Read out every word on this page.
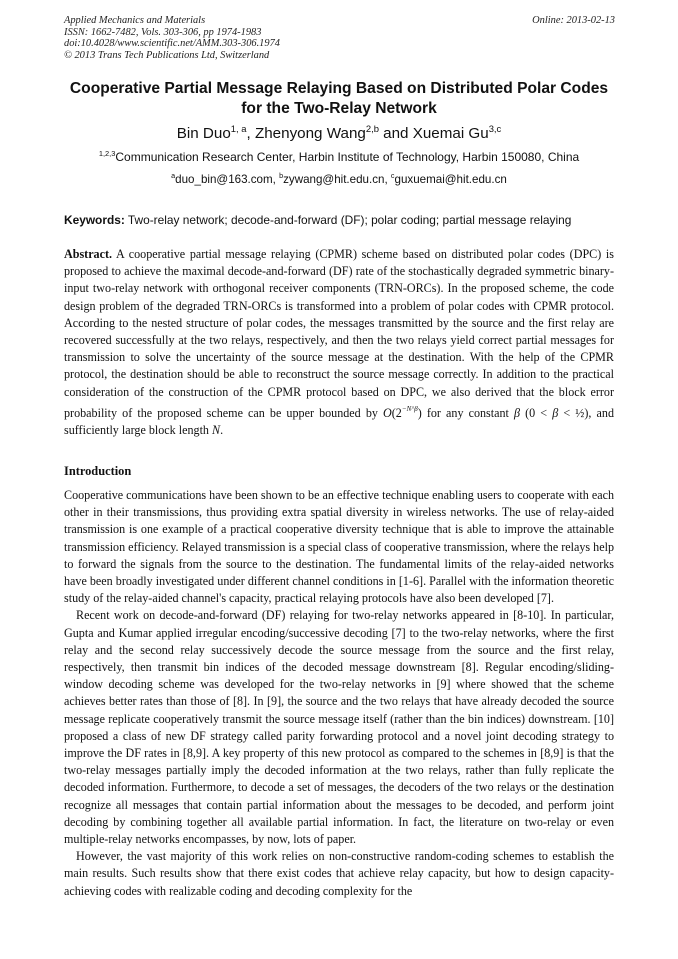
Applied Mechanics and Materials
ISSN: 1662-7482, Vols. 303-306, pp 1974-1983
doi:10.4028/www.scientific.net/AMM.303-306.1974
© 2013 Trans Tech Publications Ltd, Switzerland
Online: 2013-02-13
Cooperative Partial Message Relaying Based on Distributed Polar Codes
for the Two-Relay Network
Bin Duo$^{1, a}$, Zhenyong Wang$^{2,b}$ and Xuemai Gu$^{3,c}$
$^{1,2,3}$Communication Research Center, Harbin Institute of Technology, Harbin 150080, China
$^a$duo_bin@163.com, $^b$zywang@hit.edu.cn, $^c$guxuemai@hit.edu.cn
Keywords: Two-relay network; decode-and-forward (DF); polar coding; partial message relaying
Abstract. A cooperative partial message relaying (CPMR) scheme based on distributed polar codes (DPC) is proposed to achieve the maximal decode-and-forward (DF) rate of the stochastically degraded symmetric binary-input two-relay network with orthogonal receiver components (TRN-ORCs). In the proposed scheme, the code design problem of the degraded TRN-ORCs is transformed into a problem of polar codes with CPMR protocol. According to the nested structure of polar codes, the messages transmitted by the source and the first relay are recovered successfully at the two relays, respectively, and then the two relays yield correct partial messages for transmission to solve the uncertainty of the source message at the destination. With the help of the CPMR protocol, the destination should be able to reconstruct the source message correctly. In addition to the practical consideration of the construction of the CPMR protocol based on DPC, we also derived that the block error probability of the proposed scheme can be upper bounded by $O(2^{-N\^{}\beta})$ for any constant β (0 < β < ½), and sufficiently large block length N.
Introduction

Cooperative communications have been shown to be an effective technique enabling users to cooperate with each other in their transmissions, thus providing extra spatial diversity in wireless networks. The use of relay-aided transmission is one example of a practical cooperative diversity technique that is able to improve the attainable transmission efficiency. Relayed transmission is a special class of cooperative transmission, where the relays help to forward the signals from the source to the destination. The fundamental limits of the relay-aided networks have been broadly investigated under different channel conditions in [1-6]. Parallel with the information theoretic study of the relay-aided channel's capacity, practical relaying protocols have also been developed [7].

Recent work on decode-and-forward (DF) relaying for two-relay networks appeared in [8-10]. In particular, Gupta and Kumar applied irregular encoding/successive decoding [7] to the two-relay networks, where the first relay and the second relay successively decode the source message from the source and the first relay, respectively, then transmit bin indices of the decoded message downstream [8]. Regular encoding/sliding-window decoding scheme was developed for the two-relay networks in [9] where showed that the scheme achieves better rates than those of [8]. In [9], the source and the two relays that have already decoded the source message replicate cooperatively transmit the source message itself (rather than the bin indices) downstream. [10] proposed a class of new DF strategy called parity forwarding protocol and a novel joint decoding strategy to improve the DF rates in [8,9]. A key property of this new protocol as compared to the schemes in [8,9] is that the two-relay messages partially imply the decoded information at the two relays, rather than fully replicate the decoded information. Furthermore, to decode a set of messages, the decoders of the two relays or the destination recognize all messages that contain partial information about the messages to be decoded, and perform joint decoding by combining together all available partial information. In fact, the literature on two-relay or even multiple-relay networks encompasses, by now, lots of paper.

However, the vast majority of this work relies on non-constructive random-coding schemes to establish the main results. Such results show that there exist codes that achieve relay capacity, but how to design capacity-achieving codes with realizable coding and decoding complexity for the
